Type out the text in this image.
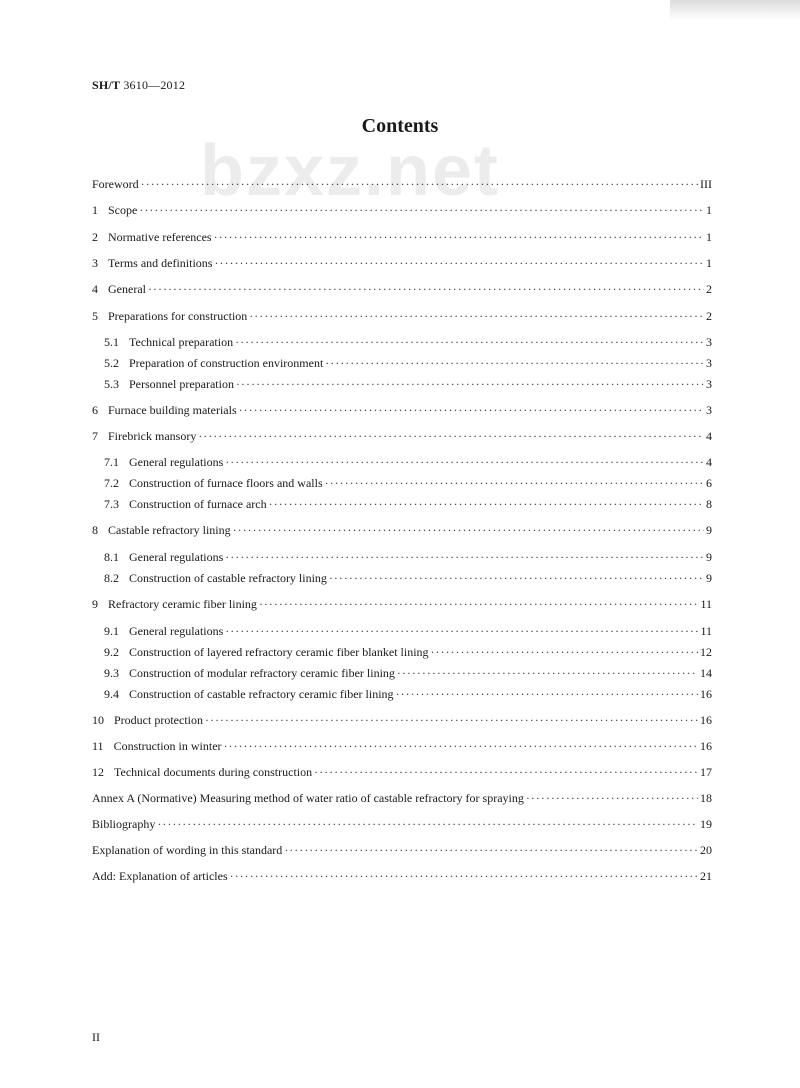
SH/T 3610—2012
Contents
bzxz.net
Foreword ·····	III
1 Scope ·····	1
2 Normative references ·····	1
3 Terms and definitions ·····	1
4 General ·····	2
5 Preparations for construction ·····	2
5.1 Technical preparation ·····	3
5.2 Preparation of construction environment ·····	3
5.3 Personnel preparation ·····	3
6 Furnace building materials ·····	3
7 Firebrick mansory ·····	4
7.1 General regulations ·····	4
7.2 Construction of furnace floors and walls ·····	6
7.3 Construction of furnace arch ·····	8
8 Castable refractory lining ·····	9
8.1 General regulations ·····	9
8.2 Construction of castable refractory lining ·····	9
9 Refractory ceramic fiber lining ·····	11
9.1 General regulations ·····	11
9.2 Construction of layered refractory ceramic fiber blanket lining ·····	12
9.3 Construction of modular refractory ceramic fiber lining ·····	14
9.4 Construction of castable refractory ceramic fiber lining ·····	16
10 Product protection ·····	16
11 Construction in winter ·····	16
12 Technical documents during construction ·····	17
Annex A (Normative) Measuring method of water ratio of castable refractory for spraying ·····	18
Bibliography ·····	19
Explanation of wording in this standard ·····	20
Add: Explanation of articles ·····	21
II
